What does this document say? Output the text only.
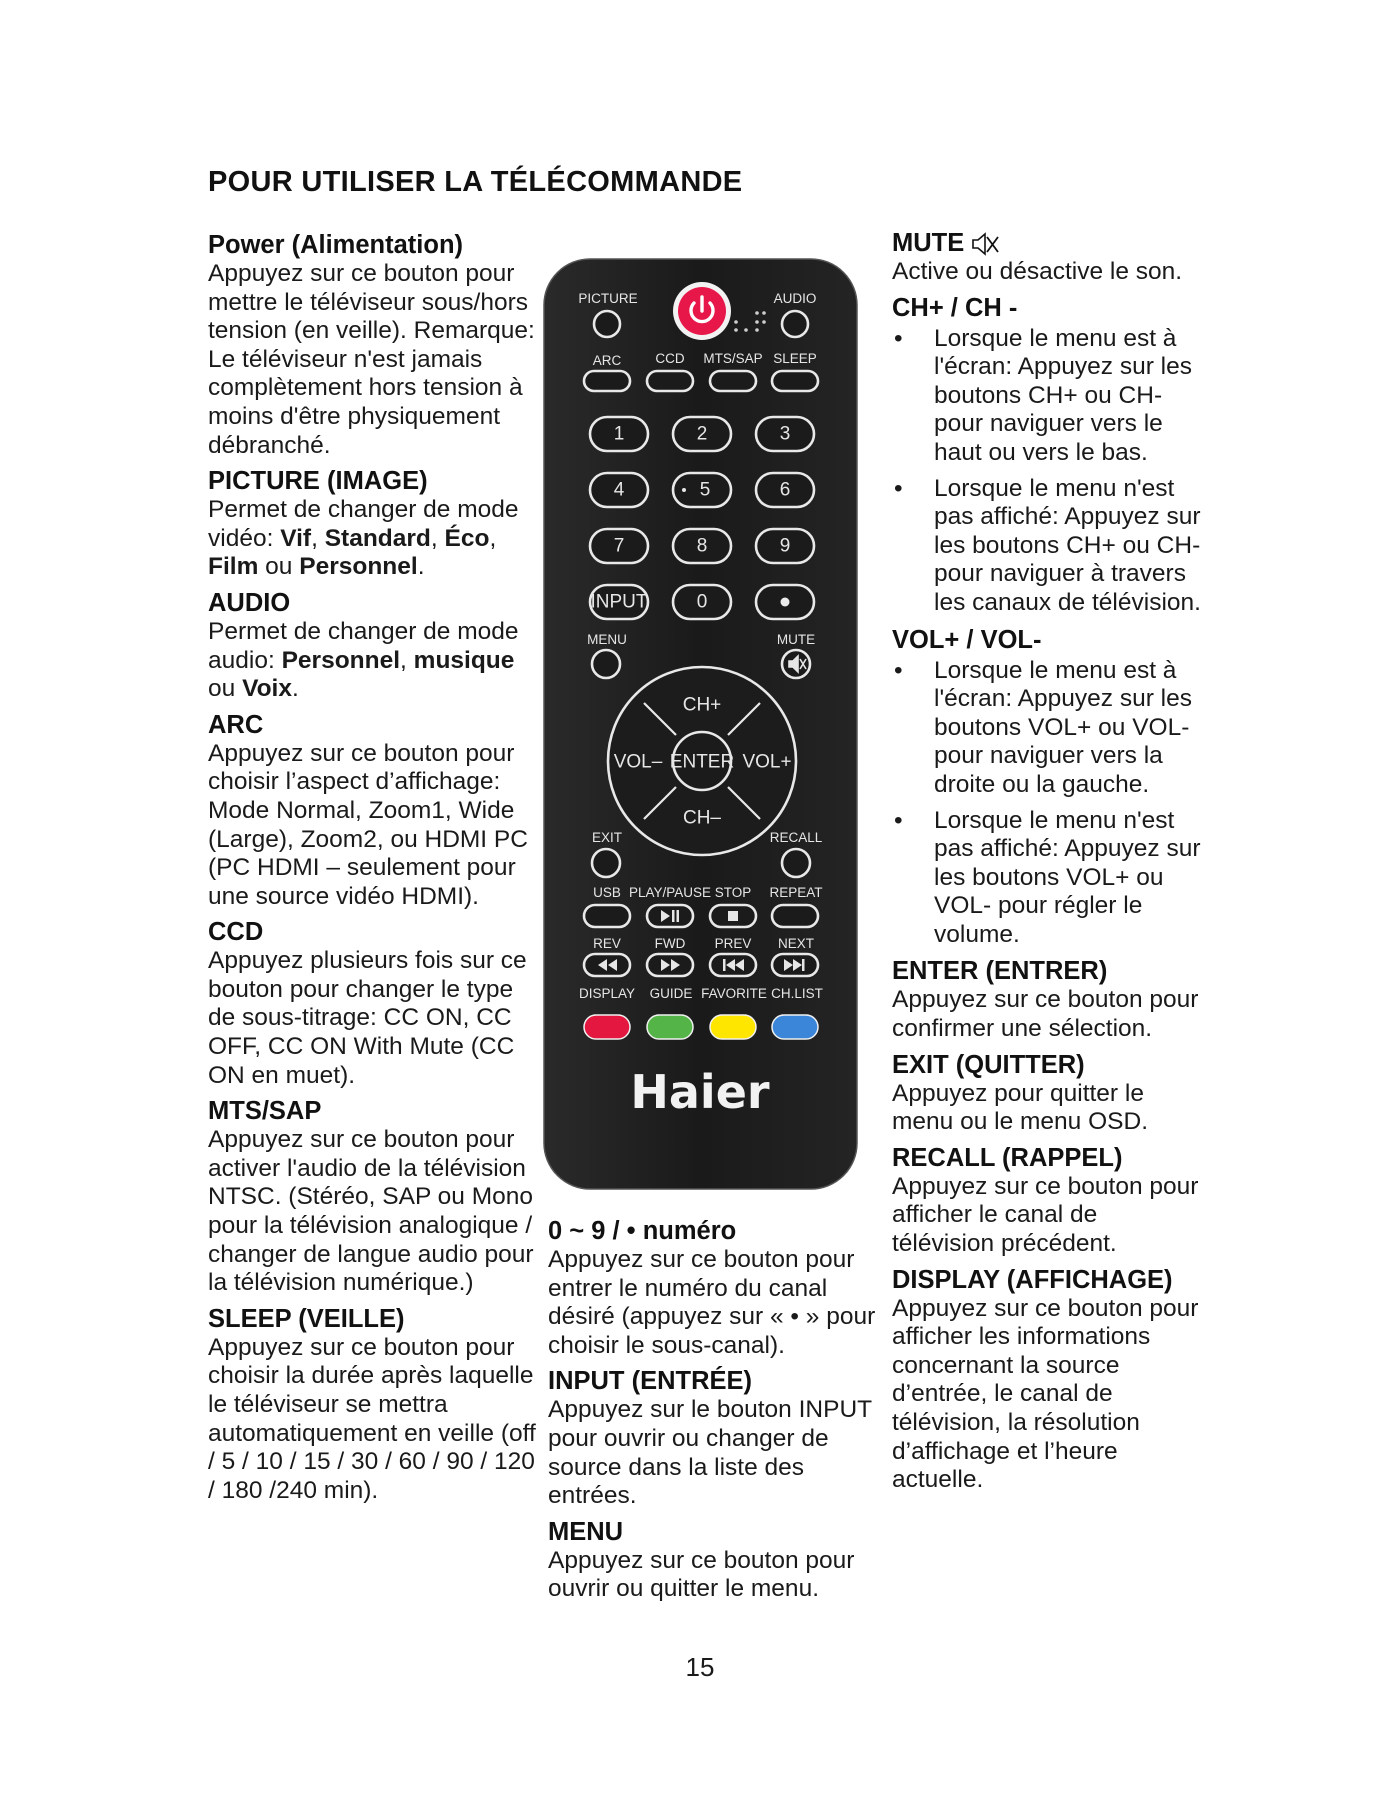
POUR UTILISER LA TÉLÉCOMMANDE
Power (Alimentation)
Appuyez sur ce bouton pour mettre le téléviseur sous/hors tension (en veille). Remarque: Le téléviseur n'est jamais complètement hors tension à moins d'être physiquement débranché.
PICTURE (IMAGE)
Permet de changer de mode vidéo: Vif, Standard, Éco, Film ou Personnel.
AUDIO
Permet de changer de mode audio: Personnel, musique ou Voix.
ARC
Appuyez sur ce bouton pour choisir l’aspect d’affichage: Mode Normal, Zoom1, Wide (Large), Zoom2, ou HDMI PC (PC HDMI – seulement pour une source vidéo HDMI).
CCD
Appuyez plusieurs fois sur ce bouton pour changer le type de sous-titrage: CC ON, CC OFF, CC ON With Mute (CC ON en muet).
MTS/SAP
Appuyez sur ce bouton pour activer l'audio de la télévision NTSC. (Stéréo, SAP ou Mono pour la télévision analogique / changer de langue audio pour la télévision numérique.)
SLEEP (VEILLE)
Appuyez sur ce bouton pour choisir la durée après laquelle le téléviseur se mettra automatiquement en veille (off / 5 / 10 / 15 / 30 / 60 / 90 / 120 / 180 /240 min).
PICTURE	AUDIO
ARC	CCD MTS/SAP SLEEP
1	2	3
4	5	6
7	8	9
INPUT	0
MENU	MUTE
ENTER
CH+
CH–
VOL–	VOL+
EXIT	RECALL
USB PLAY/PAUSE STOP REPEAT
REV FWD PREV NEXT
DISPLAY GUIDE FAVORITE CH.LIST
Haier
0 ~ 9 / • numéro
Appuyez sur ce bouton pour entrer le numéro du canal désiré (appuyez sur « • » pour choisir le sous-canal).
INPUT (ENTRÉE)
Appuyez sur le bouton INPUT pour ouvrir ou changer de source dans la liste des entrées.
MENU
Appuyez sur ce bouton pour ouvrir ou quitter le menu.
MUTE
Active ou désactive le son.
CH+ / CH -
• Lorsque le menu est à l'écran: Appuyez sur les boutons CH+ ou CH- pour naviguer vers le haut ou vers le bas.
• Lorsque le menu n'est pas affiché: Appuyez sur les boutons CH+ ou CH- pour naviguer à travers les canaux de télévision.
VOL+ / VOL-
• Lorsque le menu est à l'écran: Appuyez sur les boutons VOL+ ou VOL- pour naviguer vers la droite ou la gauche.
• Lorsque le menu n'est pas affiché: Appuyez sur les boutons VOL+ ou VOL- pour régler le volume.
ENTER (ENTRER)
Appuyez sur ce bouton pour confirmer une sélection.
EXIT (QUITTER)
Appuyez pour quitter le menu ou le menu OSD.
RECALL (RAPPEL)
Appuyez sur ce bouton pour afficher le canal de télévision précédent.
DISPLAY (AFFICHAGE)
Appuyez sur ce bouton pour afficher les informations concernant la source d’entrée, le canal de télévision, la résolution d’affichage et l’heure actuelle.
15
